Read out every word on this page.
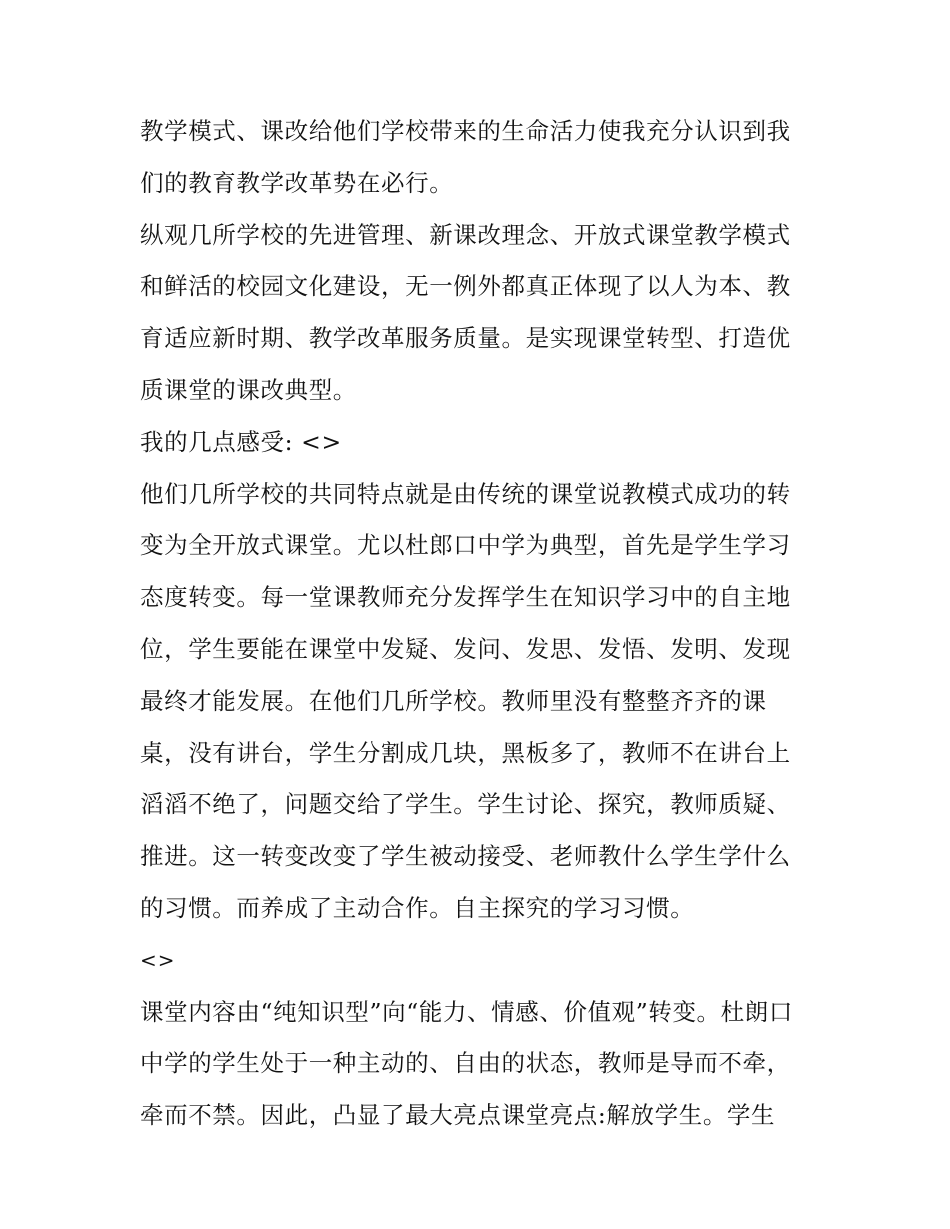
教学模式、课改给他们学校带来的生命活力使我充分认识到我
们的教育教学改革势在必行。
纵观几所学校的先进管理、新课改理念、开放式课堂教学模式
和鲜活的校园文化建设，无一例外都真正体现了以人为本、教
育适应新时期、教学改革服务质量。是实现课堂转型、打造优
质课堂的课改典型。
我的几点感受: <>
他们几所学校的共同特点就是由传统的课堂说教模式成功的转
变为全开放式课堂。尤以杜郎口中学为典型，首先是学生学习
态度转变。每一堂课教师充分发挥学生在知识学习中的自主地
位，学生要能在课堂中发疑、发问、发思、发悟、发明、发现
最终才能发展。在他们几所学校。教师里没有整整齐齐的课
桌，没有讲台，学生分割成几块，黑板多了，教师不在讲台上
滔滔不绝了，问题交给了学生。学生讨论、探究，教师质疑、
推进。这一转变改变了学生被动接受、老师教什么学生学什么
的习惯。而养成了主动合作。自主探究的学习习惯。
<>
课堂内容由“纯知识型”向“能力、情感、价值观”转变。杜朗口
中学的学生处于一种主动的、自由的状态，教师是导而不牵，
牵而不禁。因此，凸显了最大亮点课堂亮点:解放学生。学生
